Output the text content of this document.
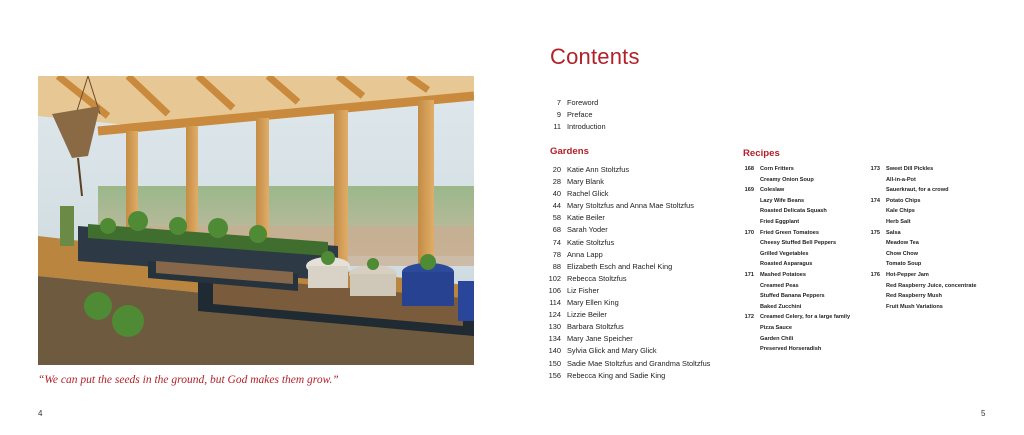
“We can put the seeds in the ground, but God makes them grow.”
4
Contents
7 Foreword
9 Preface
11 Introduction
Gardens
20 Katie Ann Stoltzfus
28 Mary Blank
40 Rachel Glick
44 Mary Stoltzfus and Anna Mae Stoltzfus
58 Katie Beiler
68 Sarah Yoder
74 Katie Stoltzfus
78 Anna Lapp
88 Elizabeth Esch and Rachel King
102 Rebecca Stoltzfus
106 Liz Fisher
114 Mary Ellen King
124 Lizzie Beiler
130 Barbara Stoltzfus
134 Mary Jane Speicher
140 Sylvia Glick and Mary Glick
150 Sadie Mae Stoltzfus and Grandma Stoltzfus
156 Rebecca King and Sadie King
Recipes
168 Corn Fritters
Creamy Onion Soup
169 Coleslaw
Lazy Wife Beans
Roasted Delicata Squash
Fried Eggplant
170 Fried Green Tomatoes
Cheesy Stuffed Bell Peppers
Grilled Vegetables
Roasted Asparagus
171 Mashed Potatoes
Creamed Peas
Stuffed Banana Peppers
Baked Zucchini
172 Creamed Celery, for a large family
Pizza Sauce
Garden Chili
Preserved Horseradish
173 Sweet Dill Pickles
All-in-a-Pot
Sauerkraut, for a crowd
174 Potato Chips
Kale Chips
Herb Salt
175 Salsa
Meadow Tea
Chow Chow
Tomato Soup
176 Hot-Pepper Jam
Red Raspberry Juice, concentrate
Red Raspberry Mush
Fruit Mush Variations
5
